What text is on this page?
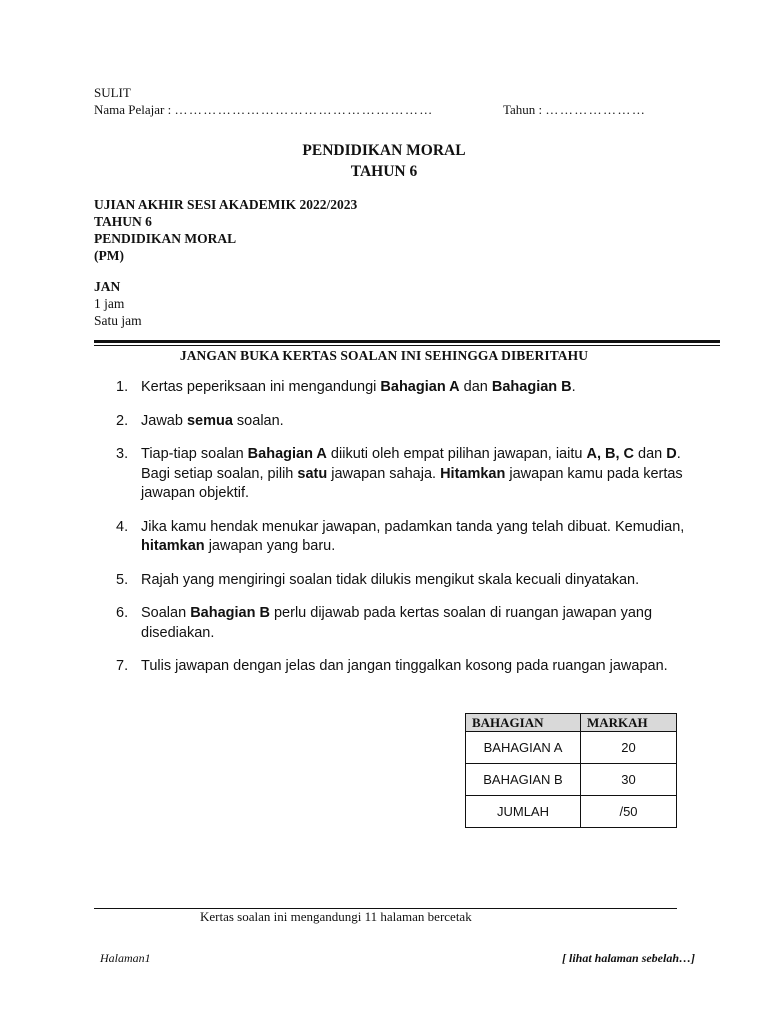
SULIT
Nama Pelajar : ………………………………………………	Tahun : …………………
PENDIDIKAN MORAL
TAHUN 6
UJIAN AKHIR SESI AKADEMIK 2022/2023
TAHUN 6
PENDIDIKAN MORAL
(PM)
JAN
1 jam
Satu jam
JANGAN BUKA KERTAS SOALAN INI SEHINGGA DIBERITAHU
1. Kertas peperiksaan ini mengandungi Bahagian A dan Bahagian B.
2. Jawab semua soalan.
3. Tiap-tiap soalan Bahagian A diikuti oleh empat pilihan jawapan, iaitu A, B, C dan D. Bagi setiap soalan, pilih satu jawapan sahaja. Hitamkan jawapan kamu pada kertas jawapan objektif.
4. Jika kamu hendak menukar jawapan, padamkan tanda yang telah dibuat. Kemudian, hitamkan jawapan yang baru.
5. Rajah yang mengiringi soalan tidak dilukis mengikut skala kecuali dinyatakan.
6. Soalan Bahagian B perlu dijawab pada kertas soalan di ruangan jawapan yang disediakan.
7. Tulis jawapan dengan jelas dan jangan tinggalkan kosong pada ruangan jawapan.
BAHAGIAN	MARKAH
BAHAGIAN A	20
BAHAGIAN B	30
JUMLAH	/50
Kertas soalan ini mengandungi 11 halaman bercetak
Halaman1	[ lihat halaman sebelah…]
